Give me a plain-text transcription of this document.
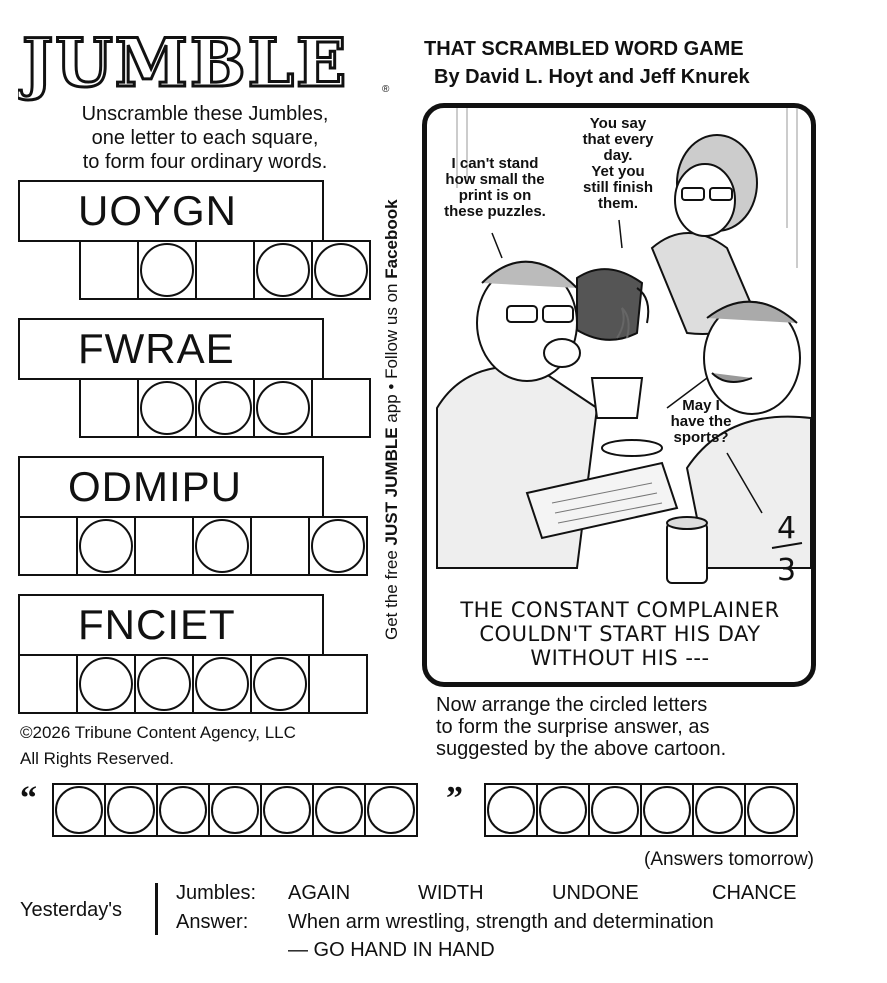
JUMBLE	®
THAT SCRAMBLED WORD GAME
By David L. Hoyt and Jeff Knurek
Unscramble these Jumbles,
one letter to each square,
to form four ordinary words.
UOYGN
FWRAE
ODMIPU
FNCIET	Get the free JUST JUMBLE app • Follow us on Facebook
4
3
I can't stand
how small the
print is on
these puzzles.
You say
that every
day.
Yet you
still finish
them.
May I
have the
sports?
THE CONSTANT COMPLAINER
COULDN'T START HIS DAY
WITHOUT HIS ---
Now arrange the circled letters
to form the surprise answer, as
suggested by the above cartoon.
©2026 Tribune Content Agency, LLC
All Rights Reserved.
“	”
(Answers tomorrow)
Yesterday's
Jumbles: AGAIN	WIDTH	UNDONE	CHANCE
Answer: When arm wrestling, strength and determination
— GO HAND IN HAND
